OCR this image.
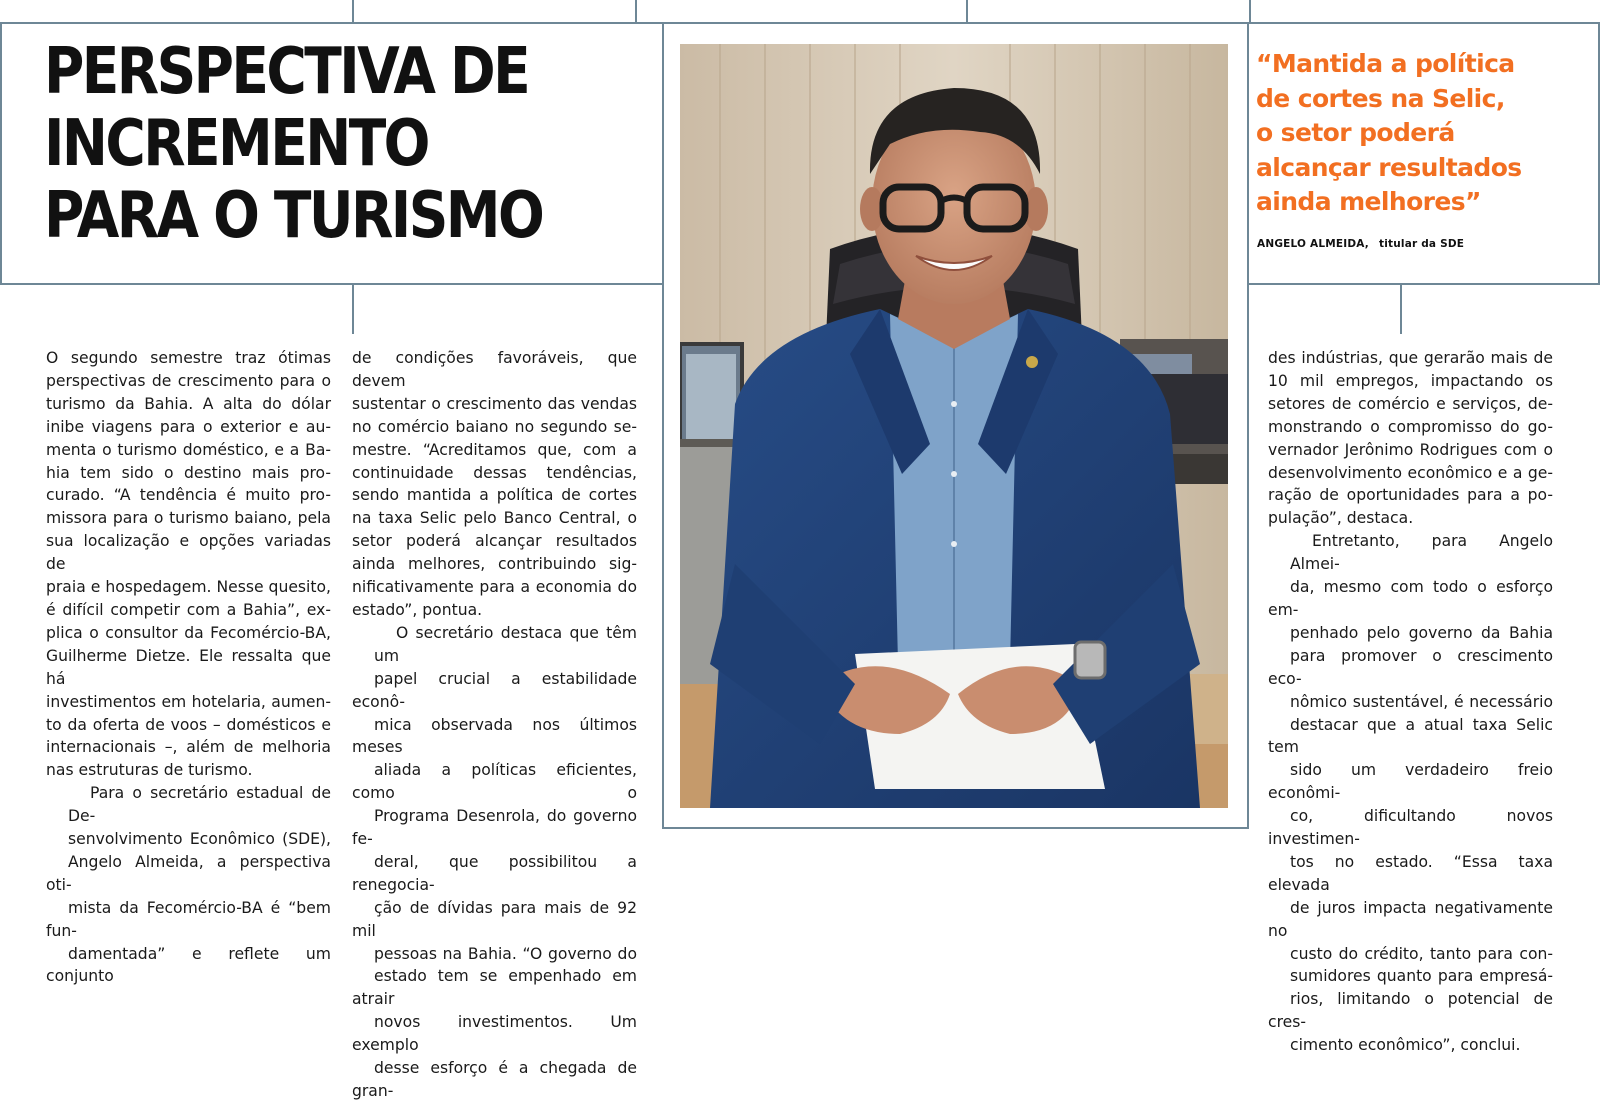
PERSPECTIVA DE
INCREMENTO
PARA O TURISMO
“Mantida a política
de cortes na Selic,
o setor poderá
alcançar resultados
ainda melhores”
ANGELO ALMEIDA, titular da SDE

O segundo semestre traz ótimas
perspectivas de crescimento para o
turismo da Bahia. A alta do dólar
inibe viagens para o exterior e au-
menta o turismo doméstico, e a Ba-
hia tem sido o destino mais pro-
curado. “A tendência é muito pro-
missora para o turismo baiano, pela
sua localização e opções variadas de
praia e hospedagem. Nesse quesito,
é difícil competir com a Bahia”, ex-
plica o consultor da Fecomércio-BA,
Guilherme Dietze. Ele ressalta que há
investimentos em hotelaria, aumen-
to da oferta de voos – domésticos e
internacionais –, além de melhoria
nas estruturas de turismo.

Para o secretário estadual de De-
senvolvimento Econômico (SDE),
Angelo Almeida, a perspectiva oti-
mista da Fecomércio-BA é “bem fun-
damentada” e reflete um conjunto

de condições favoráveis, que devem
sustentar o crescimento das vendas
no comércio baiano no segundo se-
mestre. “Acreditamos que, com a
continuidade dessas tendências,
sendo mantida a política de cortes
na taxa Selic pelo Banco Central, o
setor poderá alcançar resultados
ainda melhores, contribuindo sig-
nificativamente para a economia do
estado”, pontua.

O secretário destaca que têm um
papel crucial a estabilidade econô-
mica observada nos últimos meses
aliada a políticas eficientes, como o
Programa Desenrola, do governo fe-
deral, que possibilitou a renegocia-
ção de dívidas para mais de 92 mil
pessoas na Bahia. “O governo do
estado tem se empenhado em atrair
novos investimentos. Um exemplo
desse esforço é a chegada de gran-

des indústrias, que gerarão mais de
10 mil empregos, impactando os
setores de comércio e serviços, de-
monstrando o compromisso do go-
vernador Jerônimo Rodrigues com o
desenvolvimento econômico e a ge-
ração de oportunidades para a po-
pulação”, destaca.

Entretanto, para Angelo Almei-
da, mesmo com todo o esforço em-
penhado pelo governo da Bahia
para promover o crescimento eco-
nômico sustentável, é necessário
destacar que a atual taxa Selic tem
sido um verdadeiro freio econômi-
co, dificultando novos investimen-
tos no estado. “Essa taxa elevada
de juros impacta negativamente no
custo do crédito, tanto para con-
sumidores quanto para empresá-
rios, limitando o potencial de cres-
cimento econômico”, conclui.
